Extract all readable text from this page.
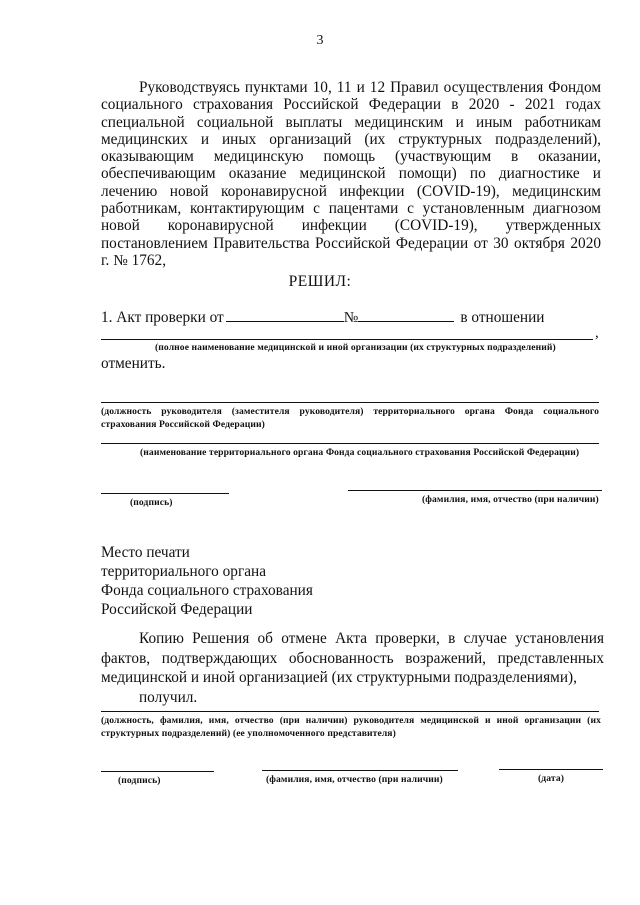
3
Руководствуясь пунктами 10, 11 и 12 Правил осуществления Фондом социального страхования Российской Федерации в 2020 - 2021 годах специальной социальной выплаты медицинским и иным работникам медицинских и иных организаций (их структурных подразделений), оказывающим медицинскую помощь (участвующим в оказании, обеспечивающим оказание медицинской помощи) по диагностике и лечению новой коронавирусной инфекции (COVID-19), медицинским работникам, контактирующим с пацентами с установленным диагнозом новой коронавирусной инфекции (COVID-19), утвержденных постановлением Правительства Российской Федерации от 30 октября 2020 г. № 1762,
РЕШИЛ:
1. Акт проверки от	№	в отношении
,
(полное наименование медицинской и иной организации (их структурных подразделений)
отменить.
(должность руководителя (заместителя руководителя) территориального органа Фонда социального страхования Российской Федерации)
(наименование территориального органа Фонда социального страхования Российской Федерации)
(подпись)	(фамилия, имя, отчество (при наличии)
Место печати
территориального органа
Фонда социального страхования
Российской Федерации
Копию Решения об отмене Акта проверки, в случае установления фактов, подтверждающих обоснованность возражений, представленных медицинской и иной организацией (их структурными подразделениями),
получил.
(должность, фамилия, имя, отчество (при наличии) руководителя медицинской и иной организации (их структурных подразделений) (ее уполномоченного представителя)
(подпись)	(фамилия, имя, отчество (при наличии)	(дата)
